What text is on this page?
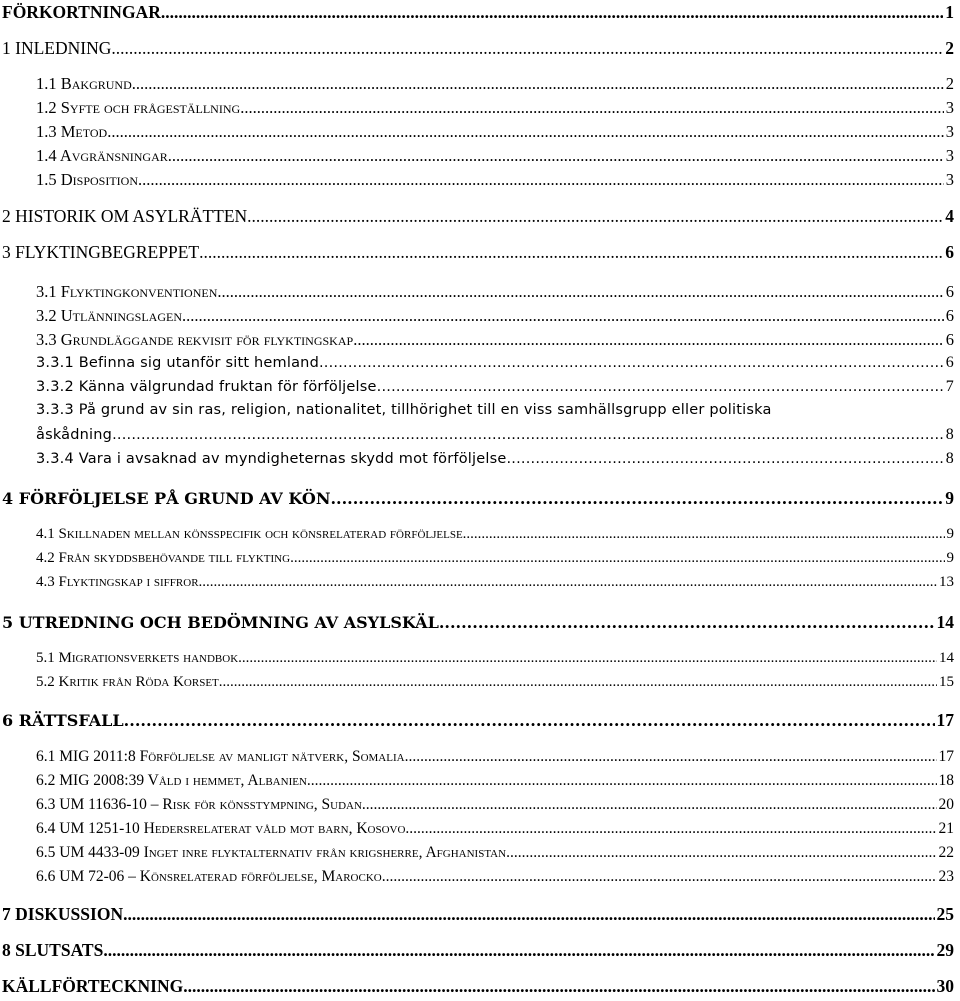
FÖRKORTNINGAR .....	1
1 INLEDNING .....	2
1.1 Bakgrund .....	2
1.2 Syfte och frågeställning .....	3
1.3 Metod .....	3
1.4 Avgränsningar .....	3
1.5 Disposition .....	3
2 HISTORIK OM ASYLRÄTTEN .....	4
3 FLYKTINGBEGREPPET .....	6
3.1 Flyktingkonventionen .....	6
3.2 Utlänningslagen .....	6
3.3 Grundläggande rekvisit för flyktingskap .....	6
3.3.1 Befinna sig utanför sitt hemland .....	6
3.3.2 Känna välgrundad fruktan för förföljelse .....	7
3.3.3 På grund av sin ras, religion, nationalitet, tillhörighet till en viss samhällsgrupp eller politiska
åskådning .....	8
3.3.4 Vara i avsaknad av myndigheternas skydd mot förföljelse .....	8
4 FÖRFÖLJELSE PÅ GRUND AV KÖN .....	9
4.1 Skillnaden mellan könsspecifik och könsrelaterad förföljelse .....	9
4.2 Från skyddsbehövande till flykting .....	9
4.3 Flyktingskap i siffror .....	13
5 UTREDNING OCH BEDÖMNING AV ASYLSKÄL .....	14
5.1 Migrationsverkets handbok .....	14
5.2 Kritik från Röda Korset .....	15
6 RÄTTSFALL .....	17
6.1 MIG 2011:8 Förföljelse av manligt nätverk, Somalia .....	17
6.2 MIG 2008:39 Våld i hemmet, Albanien .....	18
6.3 UM 11636-10 – Risk för könsstympning, Sudan .....	20
6.4 UM 1251-10 Hedersrelaterat våld mot barn, Kosovo .....	21
6.5 UM 4433-09 Inget inre flyktalternativ från krigsherre, Afghanistan .....	22
6.6 UM 72-06 – Könsrelaterad förföljelse, Marocko .....	23
7 DISKUSSION .....	25
8 SLUTSATS .....	29
KÄLLFÖRTECKNING .....	30
